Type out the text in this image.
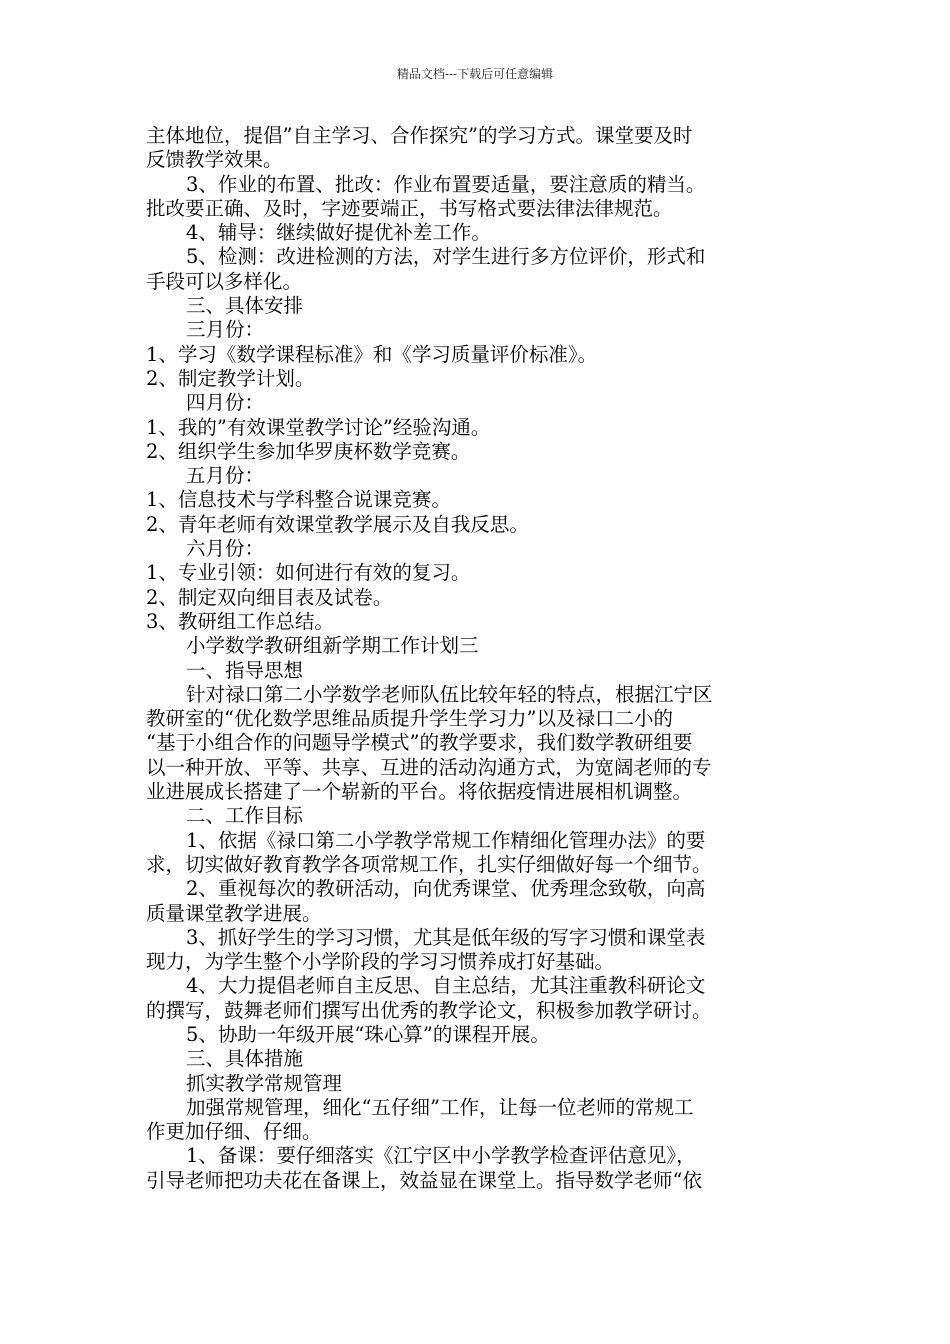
精品文档---下载后可任意编辑
主体地位，提倡”自主学习、合作探究”的学习方式。课堂要及时
反馈教学效果。
3、作业的布置、批改：作业布置要适量，要注意质的精当。
批改要正确、及时，字迹要端正，书写格式要法律法律规范。
4、辅导：继续做好提优补差工作。
5、检测：改进检测的方法，对学生进行多方位评价，形式和
手段可以多样化。
三、具体安排
三月份：
1、学习《数学课程标准》和《学习质量评价标准》。
2、制定教学计划。
四月份：
1、我的”有效课堂教学讨论”经验沟通。
2、组织学生参加华罗庚杯数学竞赛。
五月份：
1、信息技术与学科整合说课竞赛。
2、青年老师有效课堂教学展示及自我反思。
六月份：
1、专业引领：如何进行有效的复习。
2、制定双向细目表及试卷。
3、教研组工作总结。
小学数学教研组新学期工作计划三
一、指导思想
针对禄口第二小学数学老师队伍比较年轻的特点，根据江宁区
教研室的“优化数学思维品质提升学生学习力”以及禄口二小的
“基于小组合作的问题导学模式”的教学要求，我们数学教研组要
以一种开放、平等、共享、互进的活动沟通方式，为宽阔老师的专
业进展成长搭建了一个崭新的平台。将依据疫情进展相机调整。
二、工作目标
1、依据《禄口第二小学教学常规工作精细化管理办法》的要
求，切实做好教育教学各项常规工作，扎实仔细做好每一个细节。
2、重视每次的教研活动，向优秀课堂、优秀理念致敬，向高
质量课堂教学进展。
3、抓好学生的学习习惯，尤其是低年级的写字习惯和课堂表
现力，为学生整个小学阶段的学习习惯养成打好基础。
4、大力提倡老师自主反思、自主总结，尤其注重教科研论文
的撰写，鼓舞老师们撰写出优秀的教学论文，积极参加教学研讨。
5、协助一年级开展“珠心算”的课程开展。
三、具体措施
抓实教学常规管理
加强常规管理，细化“五仔细”工作，让每一位老师的常规工
作更加仔细、仔细。
1、备课：要仔细落实《江宁区中小学教学检查评估意见》，
引导老师把功夫花在备课上，效益显在课堂上。指导数学老师“依
